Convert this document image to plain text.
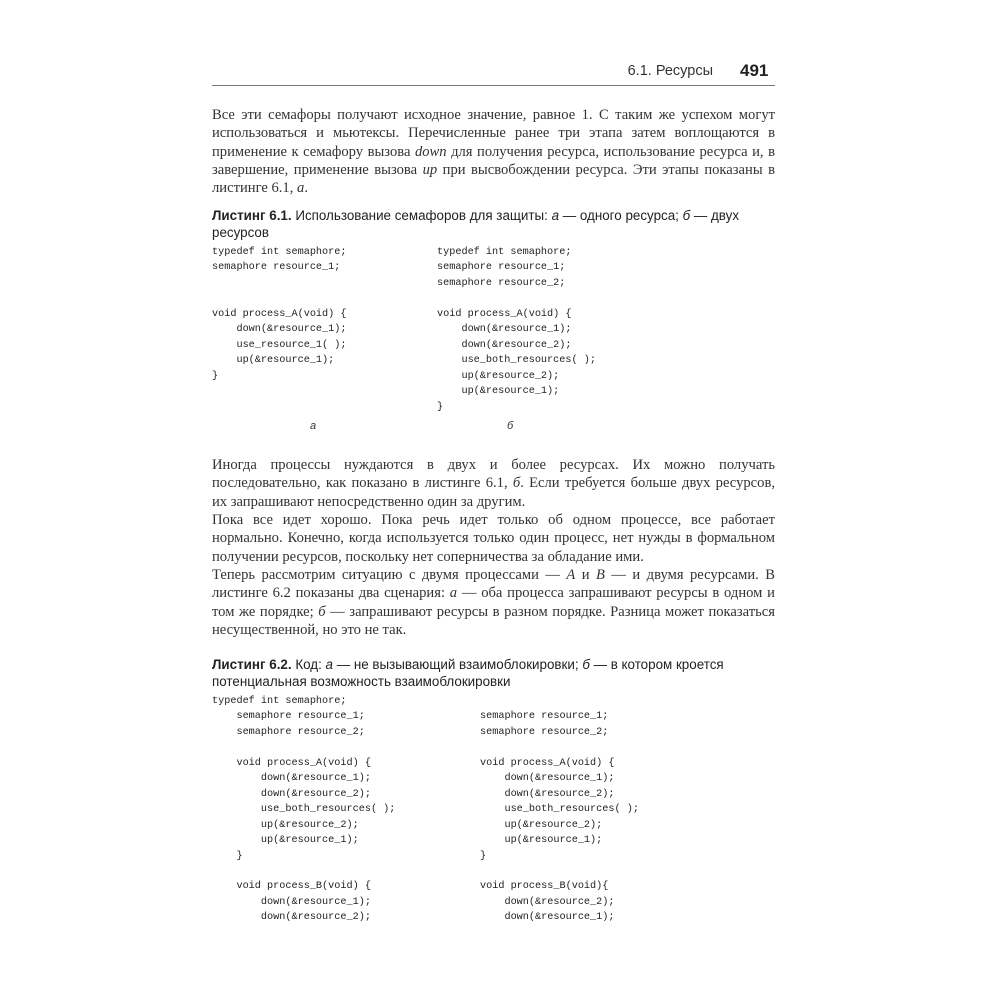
6.1. Ресурсы 491

Все эти семафоры получают исходное значение, равное 1. С таким же успехом могут использоваться и мьютексы. Перечисленные ранее три этапа затем воплощаются в применение к семафору вызова down для получения ресурса, использование ресурса и, в завершение, применение вызова up при высвобождении ресурса. Эти этапы показаны в листинге 6.1, а.

Листинг 6.1. Использование семафоров для защиты: а — одного ресурса; б — двух ресурсов

typedef int semaphore;
semaphore resource_1;

void process_A(void) {
down(&resource_1);
use_resource_1( );
up(&resource_1);
}
typedef int semaphore;
semaphore resource_1;
semaphore resource_2;

void process_A(void) {
down(&resource_1);
down(&resource_2);
use_both_resources( );
up(&resource_2);
up(&resource_1);
}
а	б

Иногда процессы нуждаются в двух и более ресурсах. Их можно получать последовательно, как показано в листинге 6.1, б. Если требуется больше двух ресурсов, их запрашивают непосредственно один за другим.

Пока все идет хорошо. Пока речь идет только об одном процессе, все работает нормально. Конечно, когда используется только один процесс, нет нужды в формальном получении ресурсов, поскольку нет соперничества за обладание ими.

Теперь рассмотрим ситуацию с двумя процессами — A и B — и двумя ресурсами. В листинге 6.2 показаны два сценария: а — оба процесса запрашивают ресурсы в одном и том же порядке; б — запрашивают ресурсы в разном порядке. Разница может показаться несущественной, но это не так.

Листинг 6.2. Код: а — не вызывающий взаимоблокировки; б — в котором кроется потенциальная возможность взаимоблокировки

typedef int semaphore;
semaphore resource_1;
semaphore resource_2;

void process_A(void) {
down(&resource_1);
down(&resource_2);
use_both_resources( );
up(&resource_2);
up(&resource_1);
}

void process_B(void) {
down(&resource_1);
down(&resource_2);

semaphore resource_1;
semaphore resource_2;

void process_A(void) {
down(&resource_1);
down(&resource_2);
use_both_resources( );
up(&resource_2);
up(&resource_1);
}

void process_B(void){
down(&resource_2);
down(&resource_1);
